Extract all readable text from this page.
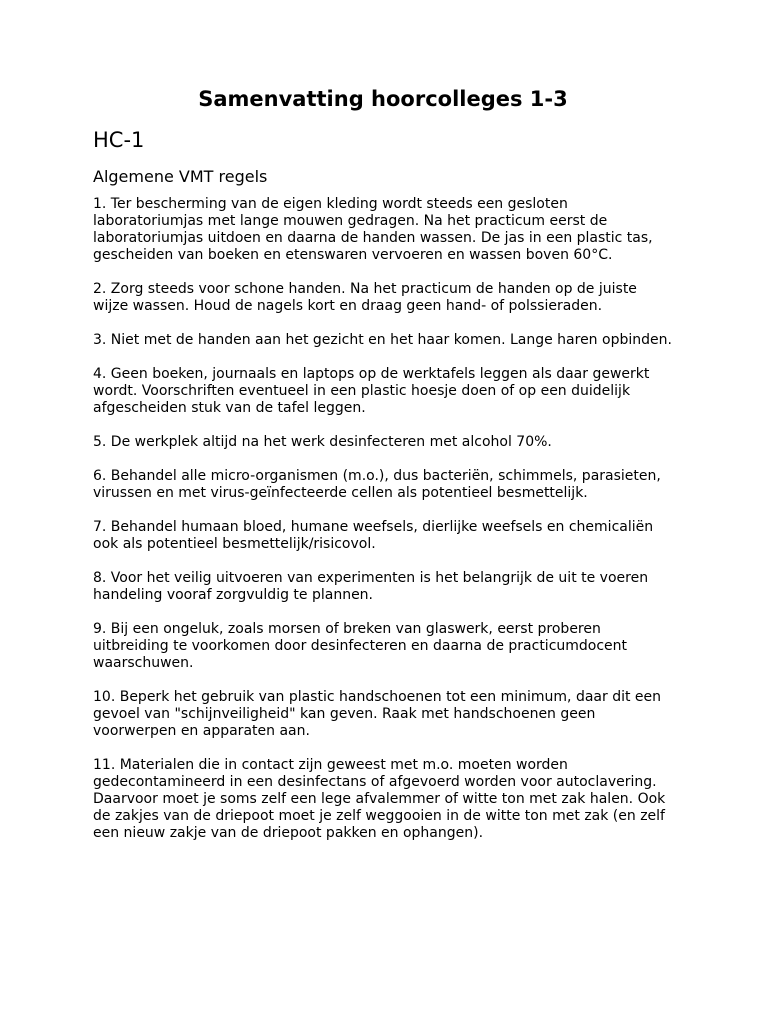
Samenvatting hoorcolleges 1-3
HC-1
Algemene VMT regels
1. Ter bescherming van de eigen kleding wordt steeds een gesloten laboratoriumjas met lange mouwen gedragen. Na het practicum eerst de laboratoriumjas uitdoen en daarna de handen wassen. De jas in een plastic tas, gescheiden van boeken en etenswaren vervoeren en wassen boven 60°C.
2. Zorg steeds voor schone handen. Na het practicum de handen op de juiste wijze wassen. Houd de nagels kort en draag geen hand- of polssieraden.
3. Niet met de handen aan het gezicht en het haar komen. Lange haren opbinden.
4. Geen boeken, journaals en laptops op de werktafels leggen als daar gewerkt wordt. Voorschriften eventueel in een plastic hoesje doen of op een duidelijk afgescheiden stuk van de tafel leggen.
5. De werkplek altijd na het werk desinfecteren met alcohol 70%.
6. Behandel alle micro-organismen (m.o.), dus bacteriën, schimmels, parasieten, virussen en met virus-geïnfecteerde cellen als potentieel besmettelijk.
7. Behandel humaan bloed, humane weefsels, dierlijke weefsels en chemicaliën ook als potentieel besmettelijk/risicovol.
8. Voor het veilig uitvoeren van experimenten is het belangrijk de uit te voeren handeling vooraf zorgvuldig te plannen.
9. Bij een ongeluk, zoals morsen of breken van glaswerk, eerst proberen uitbreiding te voorkomen door desinfecteren en daarna de practicumdocent waarschuwen.
10. Beperk het gebruik van plastic handschoenen tot een minimum, daar dit een gevoel van "schijnveiligheid" kan geven. Raak met handschoenen geen voorwerpen en apparaten aan.
11. Materialen die in contact zijn geweest met m.o. moeten worden gedecontamineerd in een desinfectans of afgevoerd worden voor autoclavering. Daarvoor moet je soms zelf een lege afvalemmer of witte ton met zak halen. Ook de zakjes van de driepoot moet je zelf weggooien in de witte ton met zak (en zelf een nieuw zakje van de driepoot pakken en ophangen).
